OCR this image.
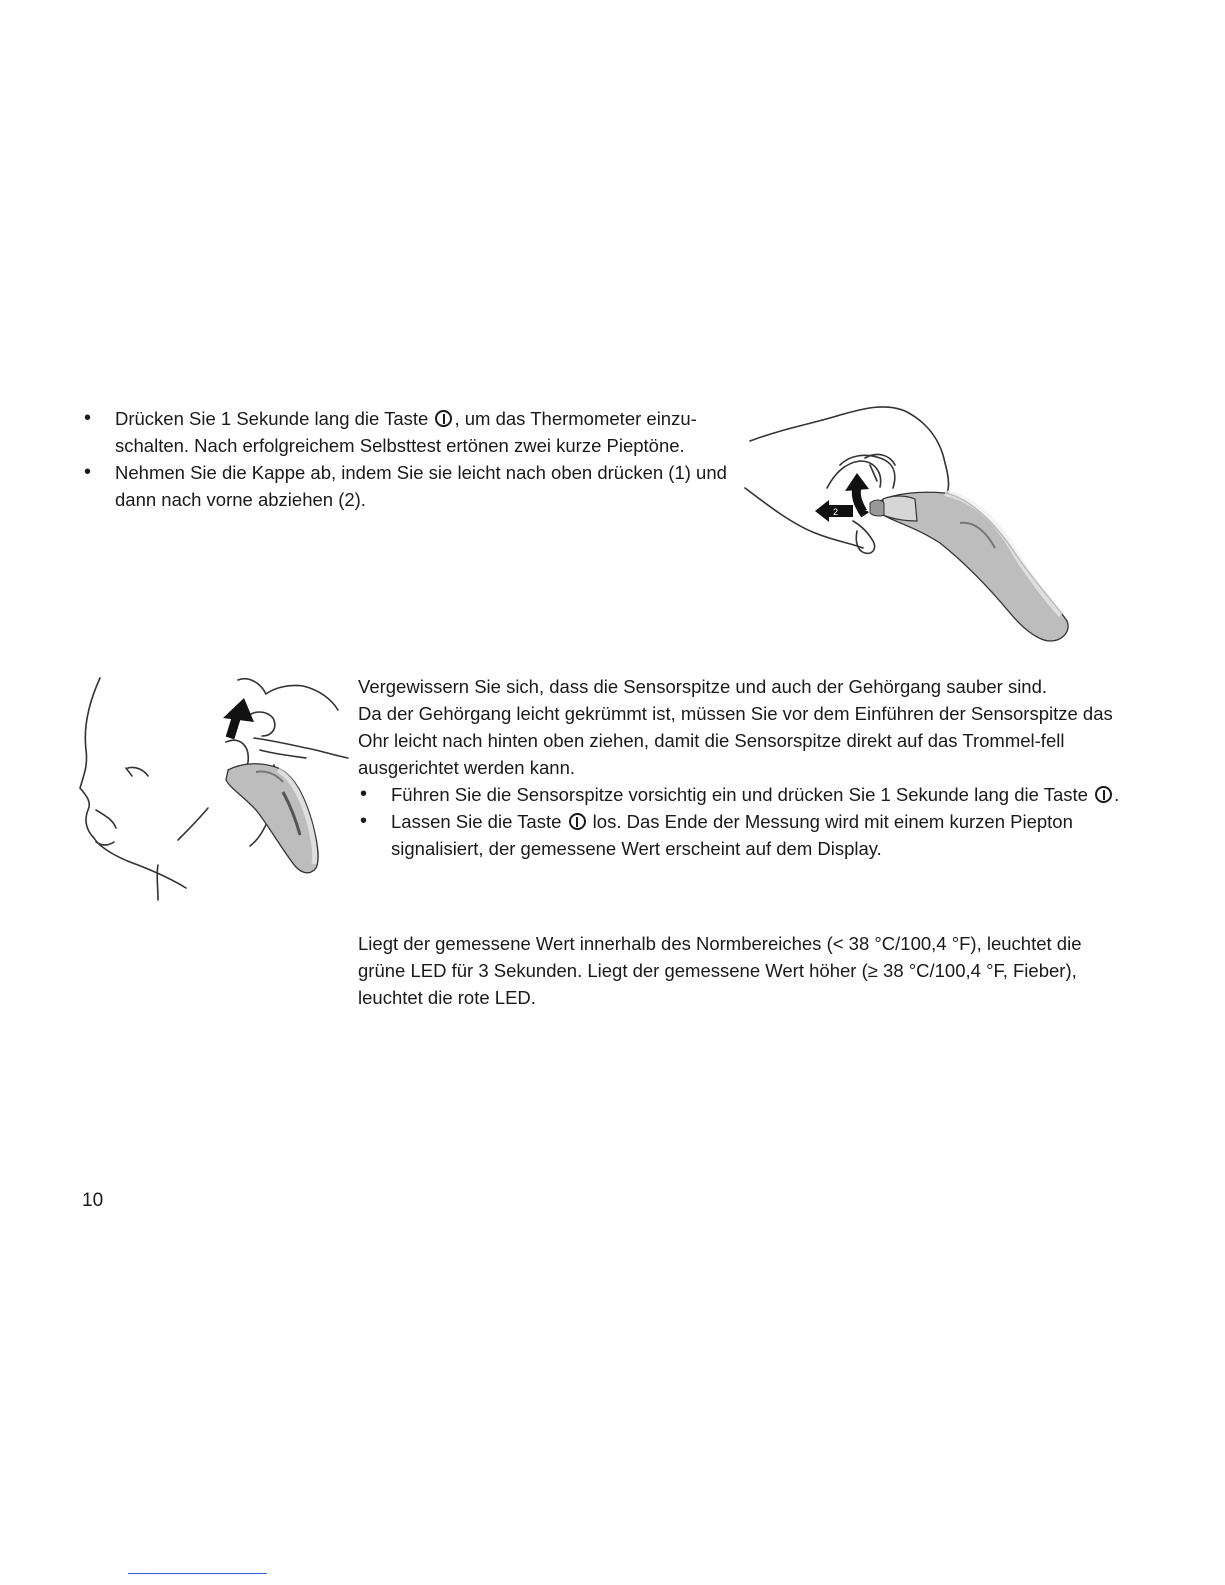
• Drücken Sie 1 Sekunde lang die Taste , um das Thermometer einzu-schalten. Nach erfolgreichem Selbsttest ertönen zwei kurze Pieptöne.
• Nehmen Sie die Kappe ab, indem Sie sie leicht nach oben drücken (1) und dann nach vorne abziehen (2).	1
2

Vergewissern Sie sich, dass die Sensorspitze und auch der Gehörgang sauber sind.

Da der Gehörgang leicht gekrümmt ist, müssen Sie vor dem Einführen der Sensorspitze das Ohr leicht nach hinten oben ziehen, damit die Sensorspitze direkt auf das Trommel-fell ausgerichtet werden kann.

• Führen Sie die Sensorspitze vorsichtig ein und drücken Sie 1 Sekunde lang die Taste .
• Lassen Sie die Taste  los. Das Ende der Messung wird mit einem kurzen Piepton signalisiert, der gemessene Wert erscheint auf dem Display.

Liegt der gemessene Wert innerhalb des Normbereiches (< 38 °C/100,4 °F), leuchtet die grüne LED für 3 Sekunden. Liegt der gemessene Wert höher (≥ 38 °C/100,4 °F, Fieber), leuchtet die rote LED.

10
